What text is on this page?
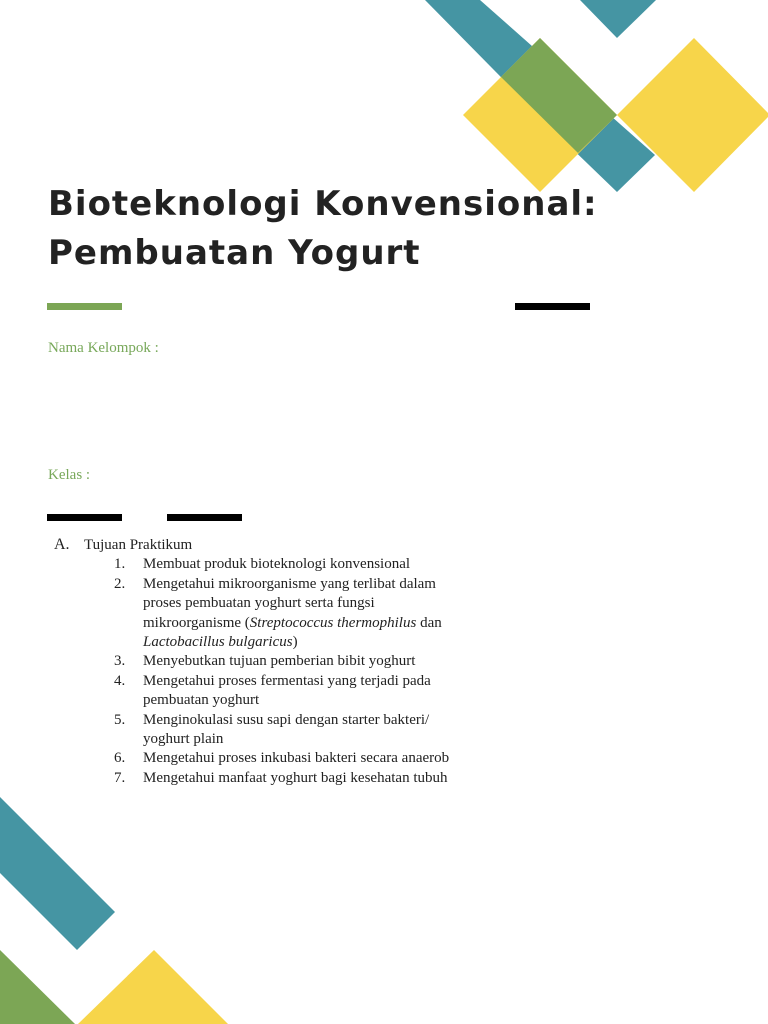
Bioteknologi Konvensional:
Pembuatan Yogurt

Nama Kelompok :

Kelas :

A. Tujuan Praktikum
1.	Membuat produk bioteknologi konvensional
2.	Mengetahui mikroorganisme yang terlibat dalam proses pembuatan yoghurt serta fungsi mikroorganisme (Streptococcus thermophilus dan Lactobacillus bulgaricus)
3.	Menyebutkan tujuan pemberian bibit yoghurt
4.	Mengetahui proses fermentasi yang terjadi pada pembuatan yoghurt
5.	Menginokulasi susu sapi dengan starter bakteri/ yoghurt plain
6.	Mengetahui proses inkubasi bakteri secara anaerob
7.	Mengetahui manfaat yoghurt bagi kesehatan tubuh
